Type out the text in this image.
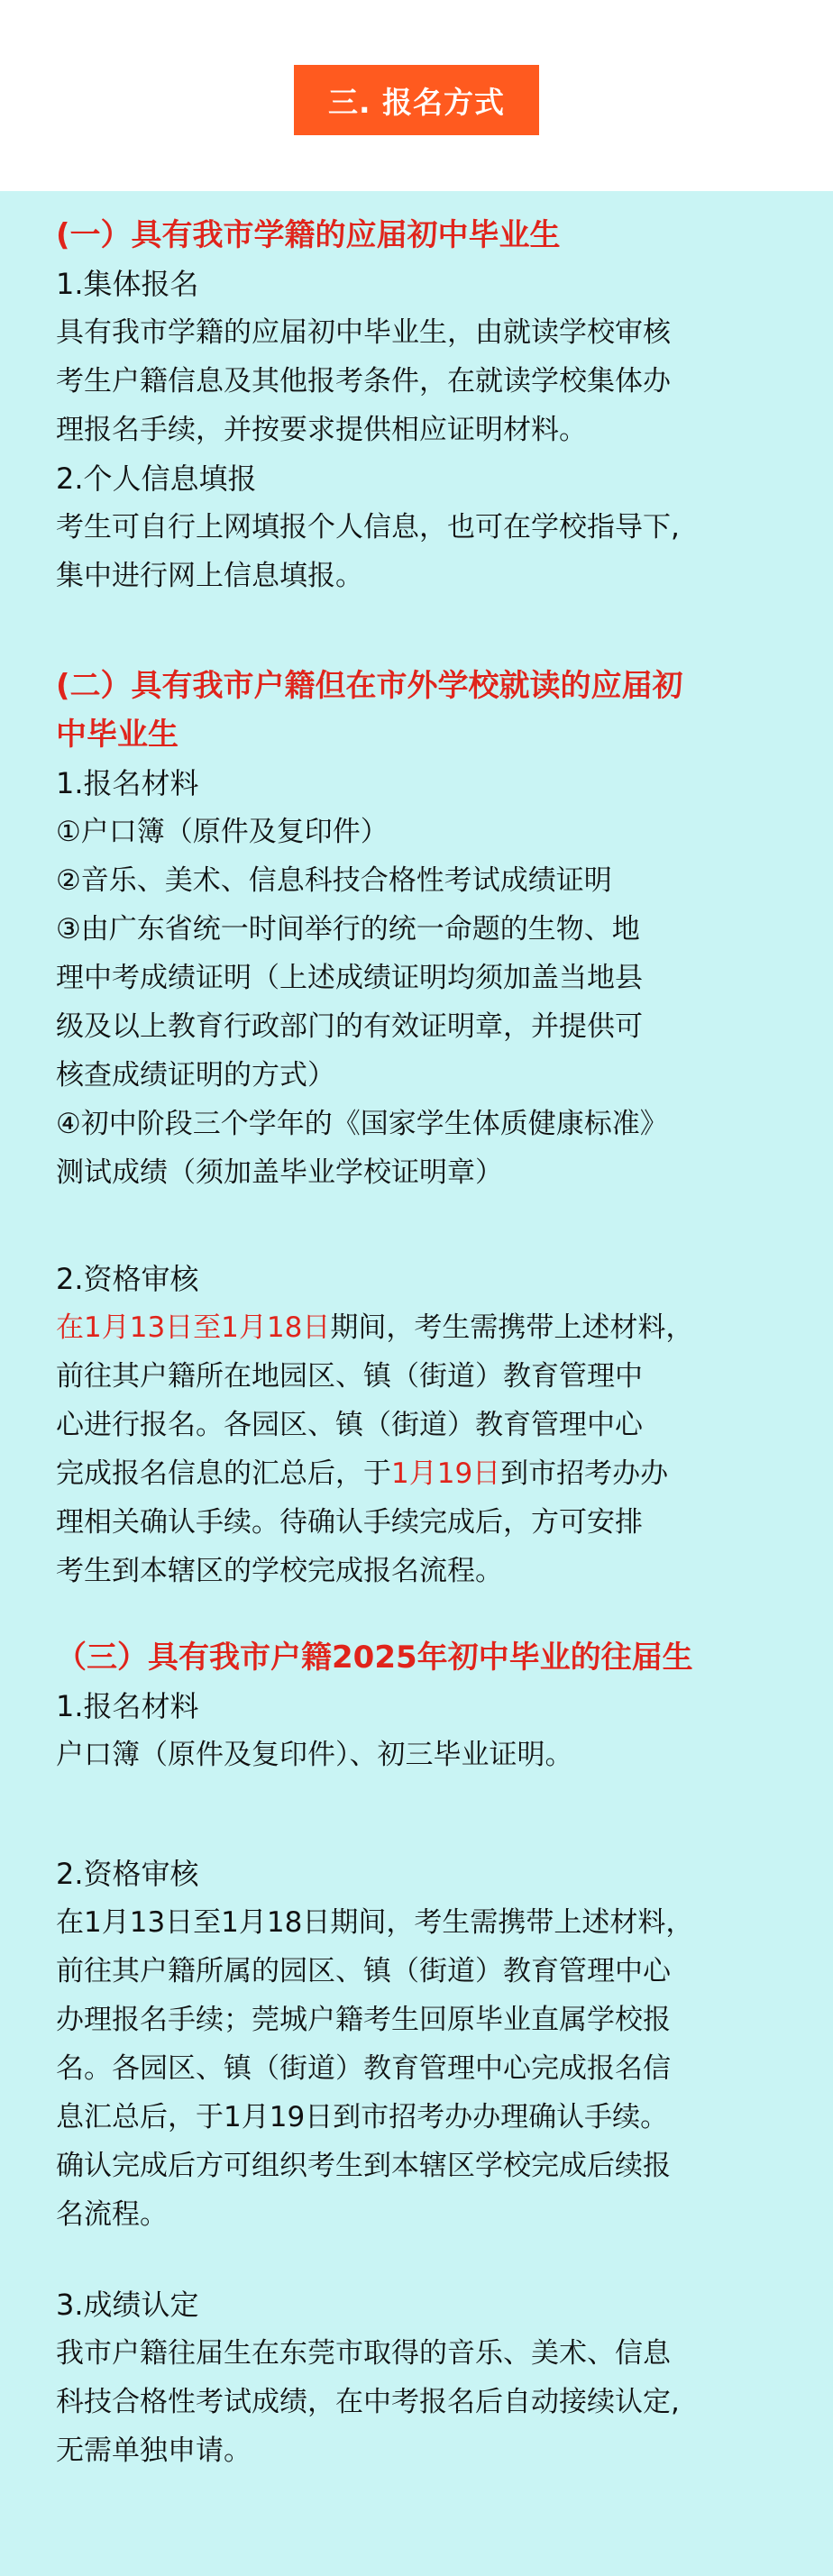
三. 报名方式
(一）具有我市学籍的应届初中毕业生
1.集体报名
具有我市学籍的应届初中毕业生，由就读学校审核
考生户籍信息及其他报考条件，在就读学校集体办
理报名手续，并按要求提供相应证明材料。
2.个人信息填报
考生可自行上网填报个人信息，也可在学校指导下,
集中进行网上信息填报。
(二）具有我市户籍但在市外学校就读的应届初
中毕业生
1.报名材料
①户口簿（原件及复印件）
②音乐、美术、信息科技合格性考试成绩证明
③由广东省统一时间举行的统一命题的生物、地
理中考成绩证明（上述成绩证明均须加盖当地县
级及以上教育行政部门的有效证明章，并提供可
核查成绩证明的方式）
④初中阶段三个学年的《国家学生体质健康标准》
测试成绩（须加盖毕业学校证明章）
2.资格审核
在1月13日至1月18日期间，考生需携带上述材料，
前往其户籍所在地园区、镇（街道）教育管理中
心进行报名。各园区、镇（街道）教育管理中心
完成报名信息的汇总后，于1月19日到市招考办办
理相关确认手续。待确认手续完成后，方可安排
考生到本辖区的学校完成报名流程。
（三）具有我市户籍2025年初中毕业的往届生
1.报名材料
户口簿（原件及复印件）、初三毕业证明。
2.资格审核
在1月13日至1月18日期间，考生需携带上述材料，
前往其户籍所属的园区、镇（街道）教育管理中心
办理报名手续；莞城户籍考生回原毕业直属学校报
名。各园区、镇（街道）教育管理中心完成报名信
息汇总后，于1月19日到市招考办办理确认手续。
确认完成后方可组织考生到本辖区学校完成后续报
名流程。
3.成绩认定
我市户籍往届生在东莞市取得的音乐、美术、信息
科技合格性考试成绩，在中考报名后自动接续认定,
无需单独申请。
